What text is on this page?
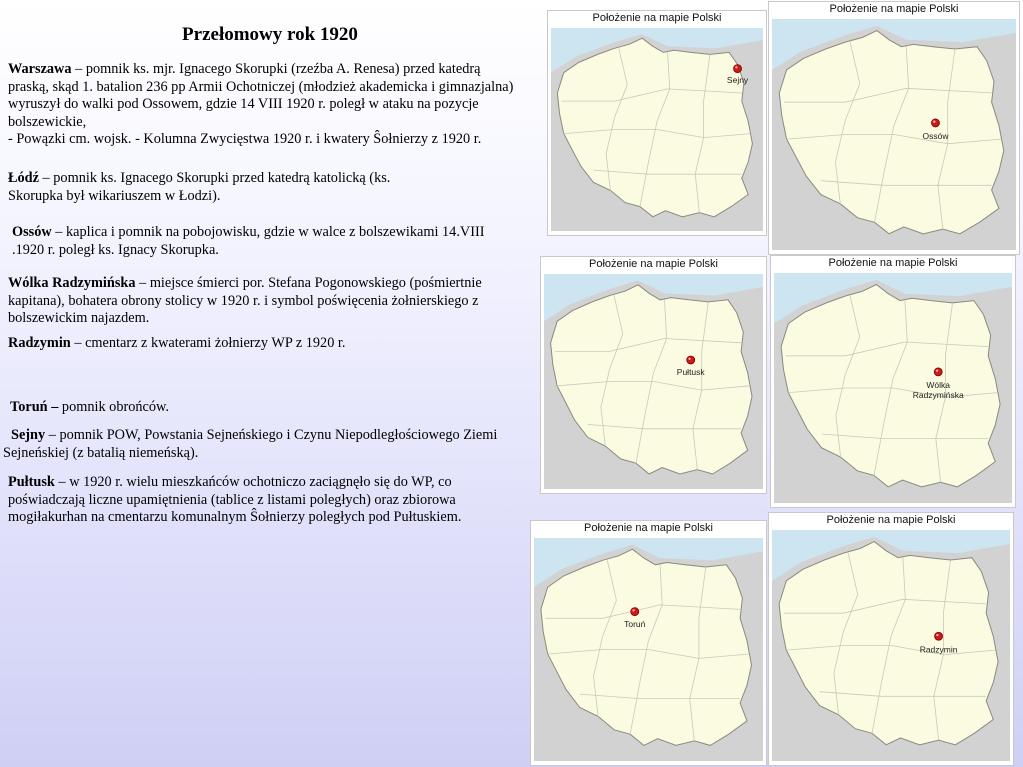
Przełomowy rok 1920

Warszawa – pomnik ks. mjr. Ignacego Skorupki (rzeźba A. Renesa) przed katedrą praską, skąd 1. batalion 236 pp Armii Ochotniczej (młodzież akademicka i gimnazjalna) wyruszył do walki pod Ossowem, gdzie 14 VIII 1920 r. poległ w ataku na pozycje bolszewickie,
- Powązki cm. wojsk. - Kolumna Zwycięstwa 1920 r. i kwatery Ŝołnierzy z 1920 r.

Łódź – pomnik ks. Ignacego Skorupki przed katedrą katolicką (ks. Skorupka był wikariuszem w Łodzi).

Ossów – kaplica i pomnik na pobojowisku, gdzie w walce z bolszewikami 14.VIII .1920 r. poległ ks. Ignacy Skorupka.

Wólka Radzymińska – miejsce śmierci por. Stefana Pogonowskiego (pośmiertnie kapitana), bohatera obrony stolicy w 1920 r. i symbol poświęcenia żołnierskiego z bolszewickim najazdem.

Radzymin – cmentarz z kwaterami żołnierzy WP z 1920 r.

Toruń – pomnik obrońców.

Sejny – pomnik POW, Powstania Sejneńskiego i Czynu Niepodległościowego Ziemi Sejneńskiej (z batalią niemeńską).

Pułtusk – w 1920 r. wielu mieszkańców ochotniczo zaciągnęło się do WP, co poświadczają liczne upamiętnienia (tablice z listami poległych) oraz zbiorowa mogiłakurhan na cmentarzu komunalnym Ŝołnierzy poległych pod Pułtuskiem.

Położenie na mapie Polski
Sejny
Położenie na mapie Polski
Ossów
Położenie na mapie Polski
Pułtusk
Położenie na mapie Polski
Wólka
Radzymińska
Położenie na mapie Polski
Toruń
Położenie na mapie Polski
Radzymin
